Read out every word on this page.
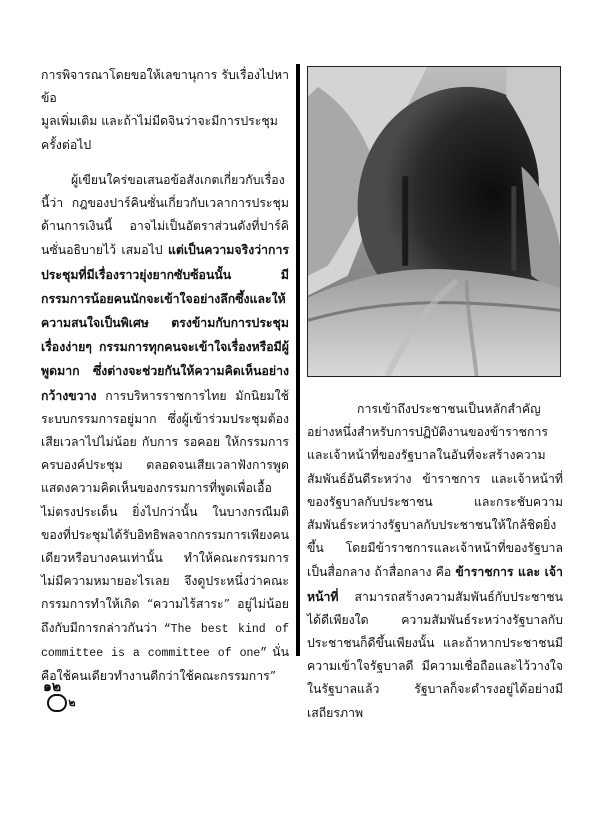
การพิจารณาโดยขอให้เลขานุการ รับเรื่องไปหาข้อ
มูลเพิ่มเติม และถ้าไม่มีดจินว่าจะมีการประชุม
ครั้งต่อไป

ผู้เขียนใคร่ขอเสนอข้อสังเกตเกี่ยวกับเรื่องนี้ว่า กฎของปาร์คินซั่นเกี่ยวกับเวลาการประชุมด้านการเงินนี้ อาจไม่เป็นอัตราส่วนดังที่ปาร์คินซั่นอธิบายไว้ เสมอไป แต่เป็นความจริงว่าการประชุมที่มีเรื่องราวยุ่งยากซับซ้อนนั้น มีกรรมการน้อยคนนักจะเข้าใจอย่างลึกซึ้งและให้ความสนใจเป็นพิเศษ ตรงข้ามกับการประชุมเรื่องง่ายๆ กรรมการทุกคนจะเข้าใจเรื่องหรือมีผู้พูดมาก ซึ่งต่างจะช่วยกันให้ความคิดเห็นอย่างกว้างขวาง การบริหารราชการไทย มักนิยมใช้ระบบกรรมการอยู่มาก ซึ่งผู้เข้าร่วมประชุมต้องเสียเวลาไปไม่น้อย กับการ รอคอย ให้กรรมการ ครบองค์ประชุม ตลอดจนเสียเวลาฟังการพูดแสดงความคิดเห็นของกรรมการที่พูดเพื่อเอื้อ ไม่ตรงประเด็น ยิ่งไปกว่านั้น ในบางกรณีมติของที่ประชุมได้รับอิทธิพลจากกรรมการเพียงคนเดียวหรือบางคนเท่านั้น ทำให้คณะกรรมการไม่มีความหมายอะไรเลย จึงดูประหนึ่งว่าคณะกรรมการทำให้เกิด “ความไร้สาระ” อยู่ไม่น้อยถึงกับมีการกล่าวกันว่า “The best kind of committee is a committee of one” นั่นคือใช้คนเดียวทำงานดีกว่าใช้คณะกรรมการ”๒

การเข้าถึงประชาชนเป็นหลักสำคัญอย่างหนึ่งสำหรับการปฏิบัติงานของข้าราชการและเจ้าหน้าที่ของรัฐบาลในอันที่จะสร้างความสัมพันธ์อันดีระหว่าง ข้าราชการ และเจ้าหน้าที่ของรัฐบาลกับประชาชน และกระชับความสัมพันธ์ระหว่างรัฐบาลกับประชาชนให้ใกล้ชิดยิ่งขึ้น โดยมีข้าราชการและเจ้าหน้าที่ของรัฐบาลเป็นสื่อกลาง ถ้าสื่อกลาง คือ ข้าราชการ และ เจ้าหน้าที่ สามารถสร้างความสัมพันธ์กับประชาชนได้ดีเพียงใด ความสัมพันธ์ระหว่างรัฐบาลกับประชาชนก็ดีขึ้นเพียงนั้น และถ้าหากประชาชนมีความเข้าใจรัฐบาลดี มีความเชื่อถือและไว้วางใจในรัฐบาลแล้ว รัฐบาลก็จะดำรงอยู่ได้อย่างมีเสถียรภาพ

๑๒
